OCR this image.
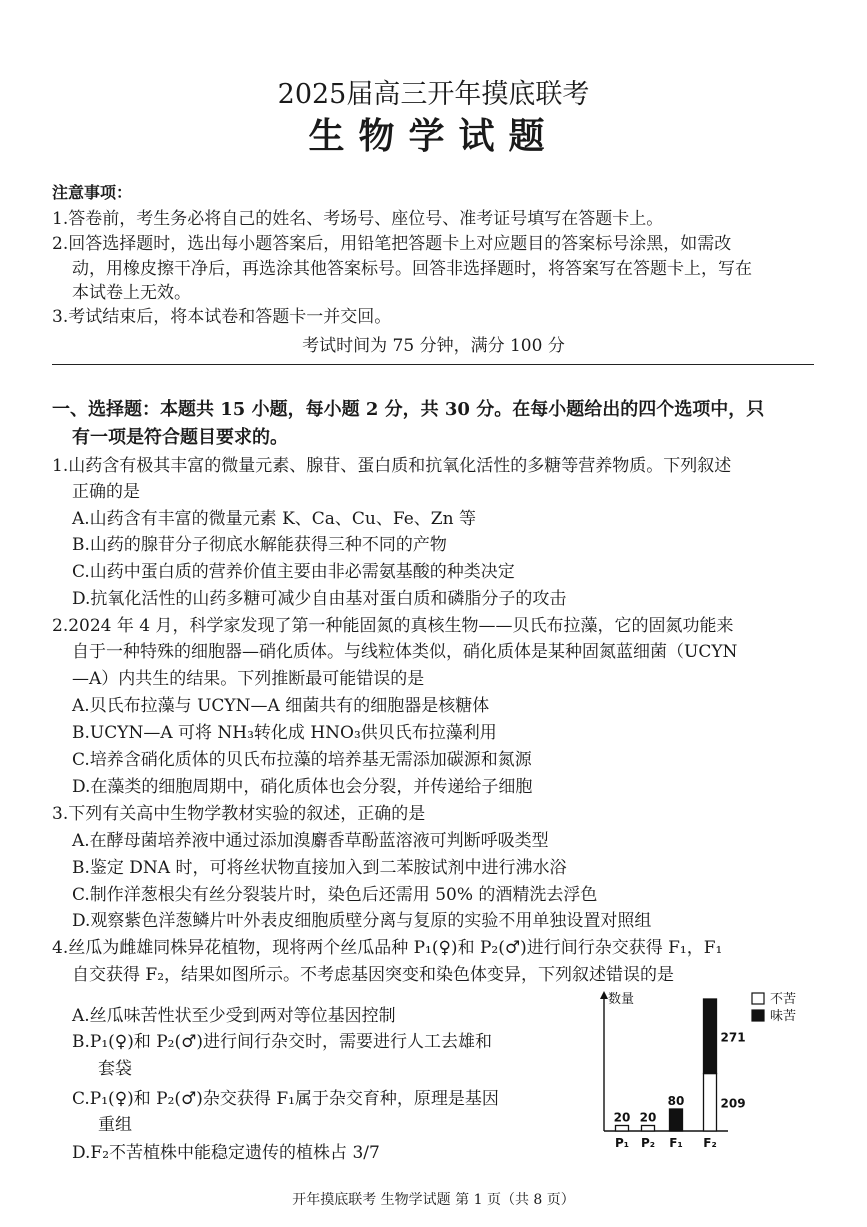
2025届高三开年摸底联考
生物学试题
注意事项：
1.答卷前，考生务必将自己的姓名、考场号、座位号、准考证号填写在答题卡上。
2.回答选择题时，选出每小题答案后，用铅笔把答题卡上对应题目的答案标号涂黑，如需改
动，用橡皮擦干净后，再选涂其他答案标号。回答非选择题时，将答案写在答题卡上，写在
本试卷上无效。
3.考试结束后，将本试卷和答题卡一并交回。
考试时间为 75 分钟，满分 100 分
一、选择题：本题共 15 小题，每小题 2 分，共 30 分。在每小题给出的四个选项中，只
有一项是符合题目要求的。
1.山药含有极其丰富的微量元素、腺苷、蛋白质和抗氧化活性的多糖等营养物质。下列叙述
正确的是
A.山药含有丰富的微量元素 K、Ca、Cu、Fe、Zn 等
B.山药的腺苷分子彻底水解能获得三种不同的产物
C.山药中蛋白质的营养价值主要由非必需氨基酸的种类决定
D.抗氧化活性的山药多糖可减少自由基对蛋白质和磷脂分子的攻击
2.2024 年 4 月，科学家发现了第一种能固氮的真核生物——贝氏布拉藻，它的固氮功能来
自于一种特殊的细胞器—硝化质体。与线粒体类似，硝化质体是某种固氮蓝细菌（UCYN
—A）内共生的结果。下列推断最可能错误的是
A.贝氏布拉藻与 UCYN—A 细菌共有的细胞器是核糖体
B.UCYN—A 可将 NH₃转化成 HNO₃供贝氏布拉藻利用
C.培养含硝化质体的贝氏布拉藻的培养基无需添加碳源和氮源
D.在藻类的细胞周期中，硝化质体也会分裂，并传递给子细胞
3.下列有关高中生物学教材实验的叙述，正确的是
A.在酵母菌培养液中通过添加溴麝香草酚蓝溶液可判断呼吸类型
B.鉴定 DNA 时，可将丝状物直接加入到二苯胺试剂中进行沸水浴
C.制作洋葱根尖有丝分裂装片时，染色后还需用 50% 的酒精洗去浮色
D.观察紫色洋葱鳞片叶外表皮细胞质壁分离与复原的实验不用单独设置对照组
4.丝瓜为雌雄同株异花植物，现将两个丝瓜品种 P₁(♀)和 P₂(♂)进行间行杂交获得 F₁，F₁
自交获得 F₂，结果如图所示。不考虑基因突变和染色体变异，下列叙述错误的是
A.丝瓜味苦性状至少受到两对等位基因控制
B.P₁(♀)和 P₂(♂)进行间行杂交时，需要进行人工去雄和
套袋
C.P₁(♀)和 P₂(♂)杂交获得 F₁属于杂交育种，原理是基因
重组
D.F₂不苦植株中能稳定遗传的植株占 3/7
数量
20
P₁
20
P₂
80
F₁
209
271
F₂
不苦
味苦
开年摸底联考 生物学试题 第 1 页（共 8 页）
